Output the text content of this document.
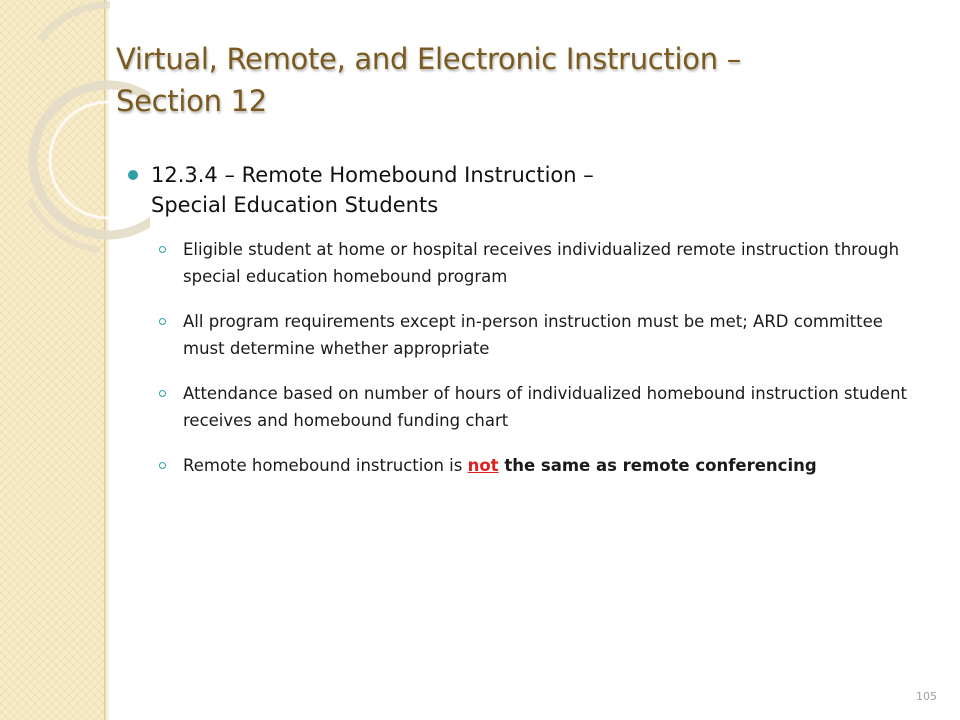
Virtual, Remote, and Electronic Instruction –
Section 12
12.3.4 – Remote Homebound Instruction –
Special Education Students
Eligible student at home or hospital receives individualized remote instruction through special education homebound program
All program requirements except in-person instruction must be met; ARD committee must determine whether appropriate
Attendance based on number of hours of individualized homebound instruction student receives and homebound funding chart
Remote homebound instruction is not the same as remote conferencing
105
